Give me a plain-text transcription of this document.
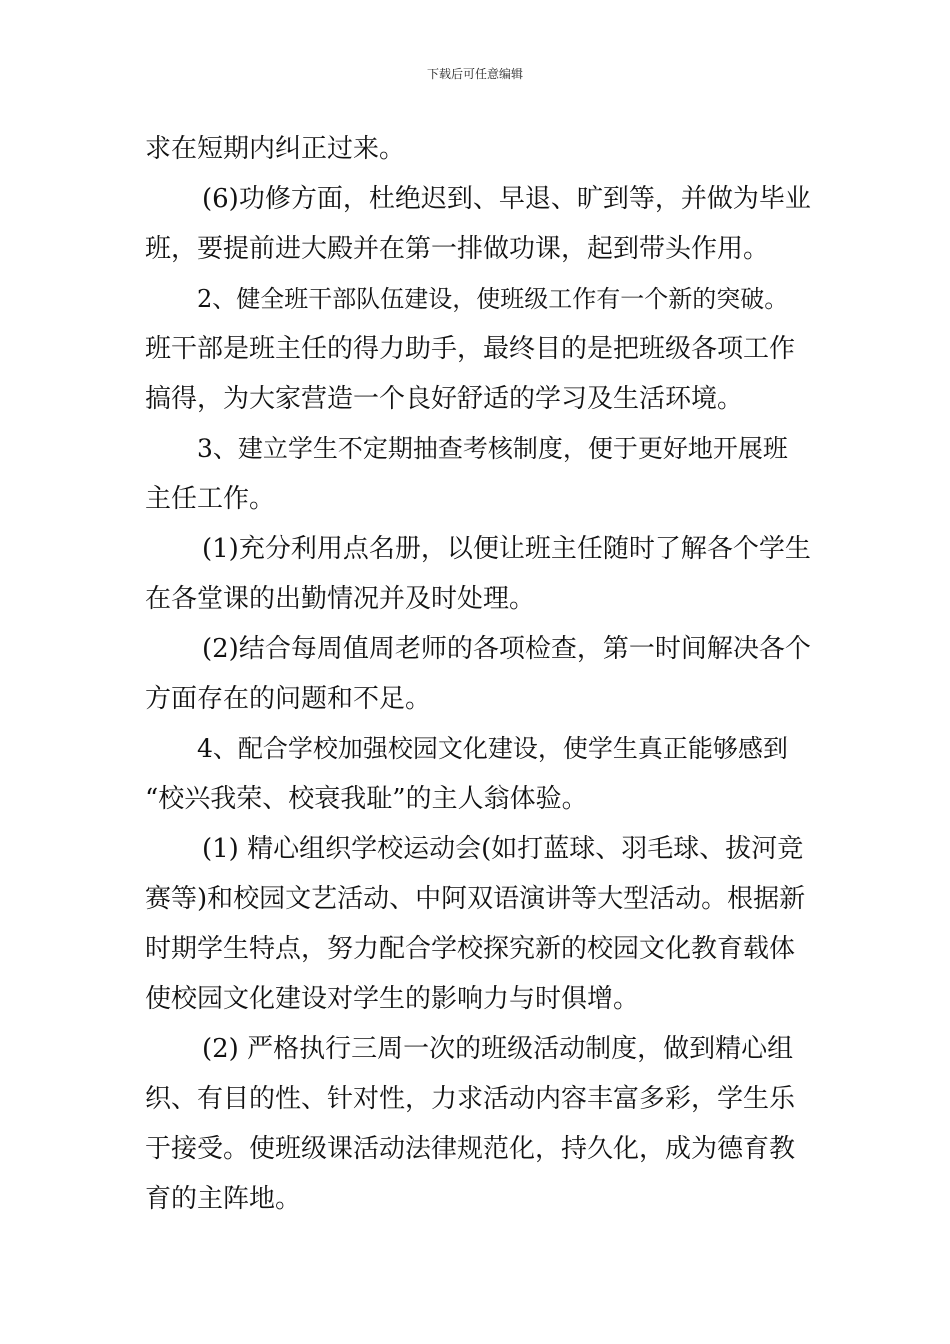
下载后可任意编辑
求在短期内纠正过来。
(6)功修方面，杜绝迟到、早退、旷到等，并做为毕业
班，要提前进大殿并在第一排做功课，起到带头作用。
2、健全班干部队伍建设，使班级工作有一个新的突破。
班干部是班主任的得力助手，最终目的是把班级各项工作
搞得，为大家营造一个良好舒适的学习及生活环境。
3、建立学生不定期抽查考核制度，便于更好地开展班
主任工作。
(1)充分利用点名册，以便让班主任随时了解各个学生
在各堂课的出勤情况并及时处理。
(2)结合每周值周老师的各项检查，第一时间解决各个
方面存在的问题和不足。
4、配合学校加强校园文化建设，使学生真正能够感到
“校兴我荣、校衰我耻”的主人翁体验。
(1) 精心组织学校运动会(如打蓝球、羽毛球、拔河竞
赛等)和校园文艺活动、中阿双语演讲等大型活动。根据新
时期学生特点，努力配合学校探究新的校园文化教育载体
使校园文化建设对学生的影响力与时俱增。
(2) 严格执行三周一次的班级活动制度，做到精心组
织、有目的性、针对性，力求活动内容丰富多彩，学生乐
于接受。使班级课活动法律规范化，持久化，成为德育教
育的主阵地。
